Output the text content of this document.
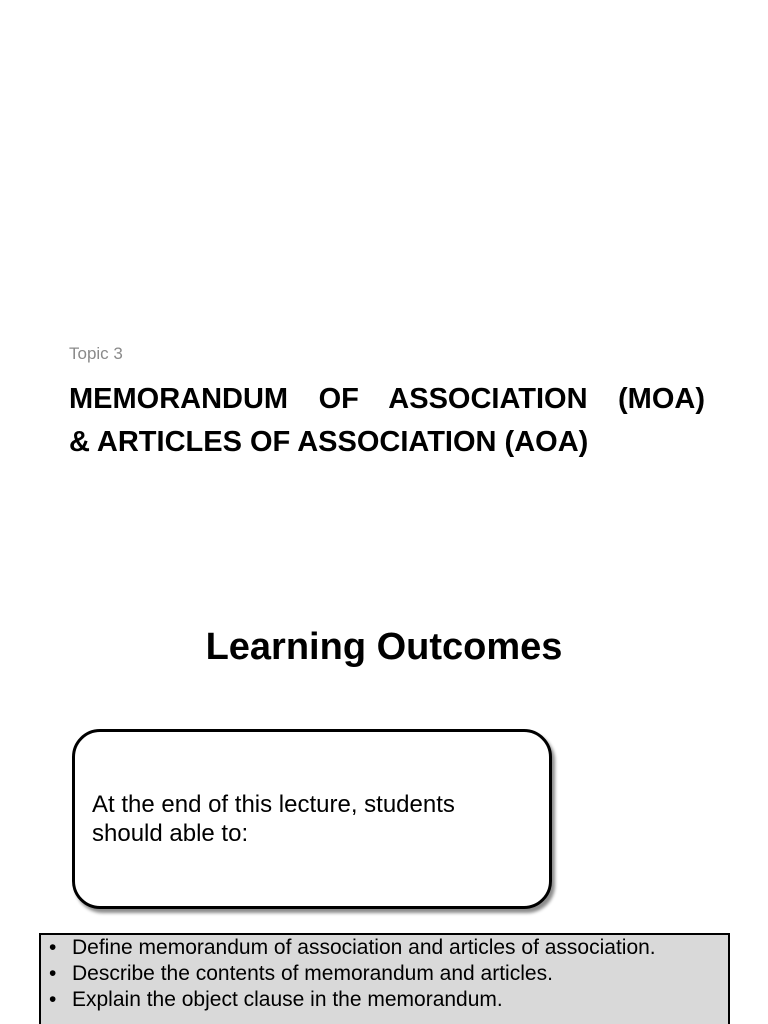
Topic 3
MEMORANDUM OF ASSOCIATION (MOA)
& ARTICLES OF ASSOCIATION (AOA)
Learning Outcomes
At the end of this lecture, students should able to:
• Define memorandum of association and articles of association.
• Describe the contents of memorandum and articles.
• Explain the object clause in the memorandum.
